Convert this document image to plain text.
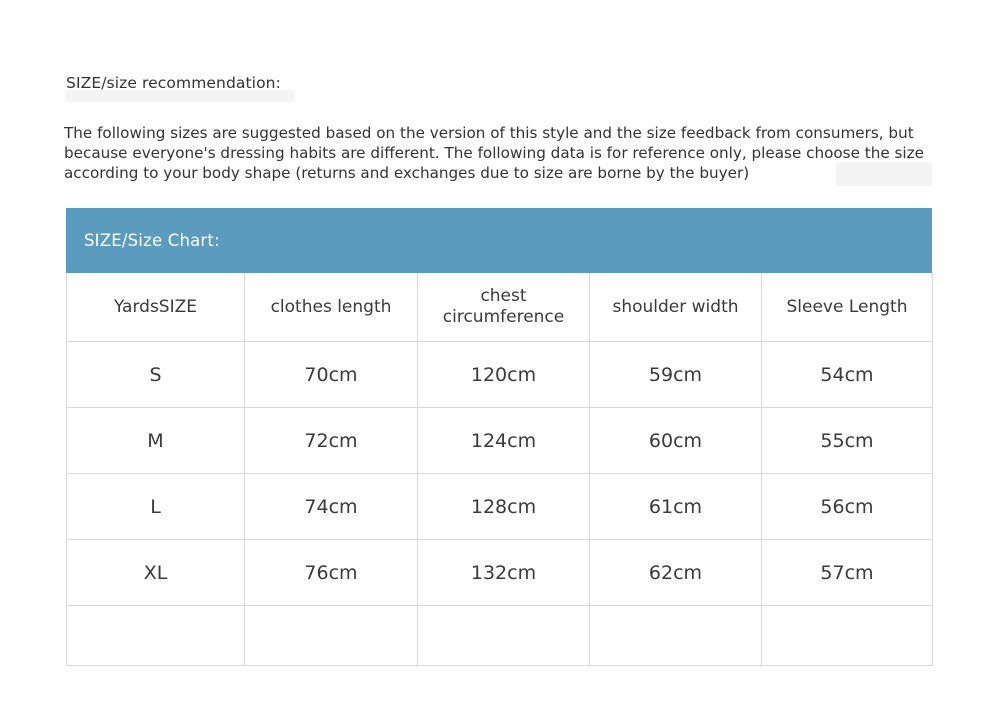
SIZE/size recommendation:

The following sizes are suggested based on the version of this style and the size feedback from consumers, but because everyone's dressing habits are different. The following data is for reference only, please choose the size according to your body shape (returns and exchanges due to size are borne by the buyer)

SIZE/Size Chart:
YardsSIZE	clothes length	chest circumference	shoulder width	Sleeve Length
S	70cm	120cm	59cm	54cm
M	72cm	124cm	60cm	55cm
L	74cm	128cm	61cm	56cm
XL	76cm	132cm	62cm	57cm
